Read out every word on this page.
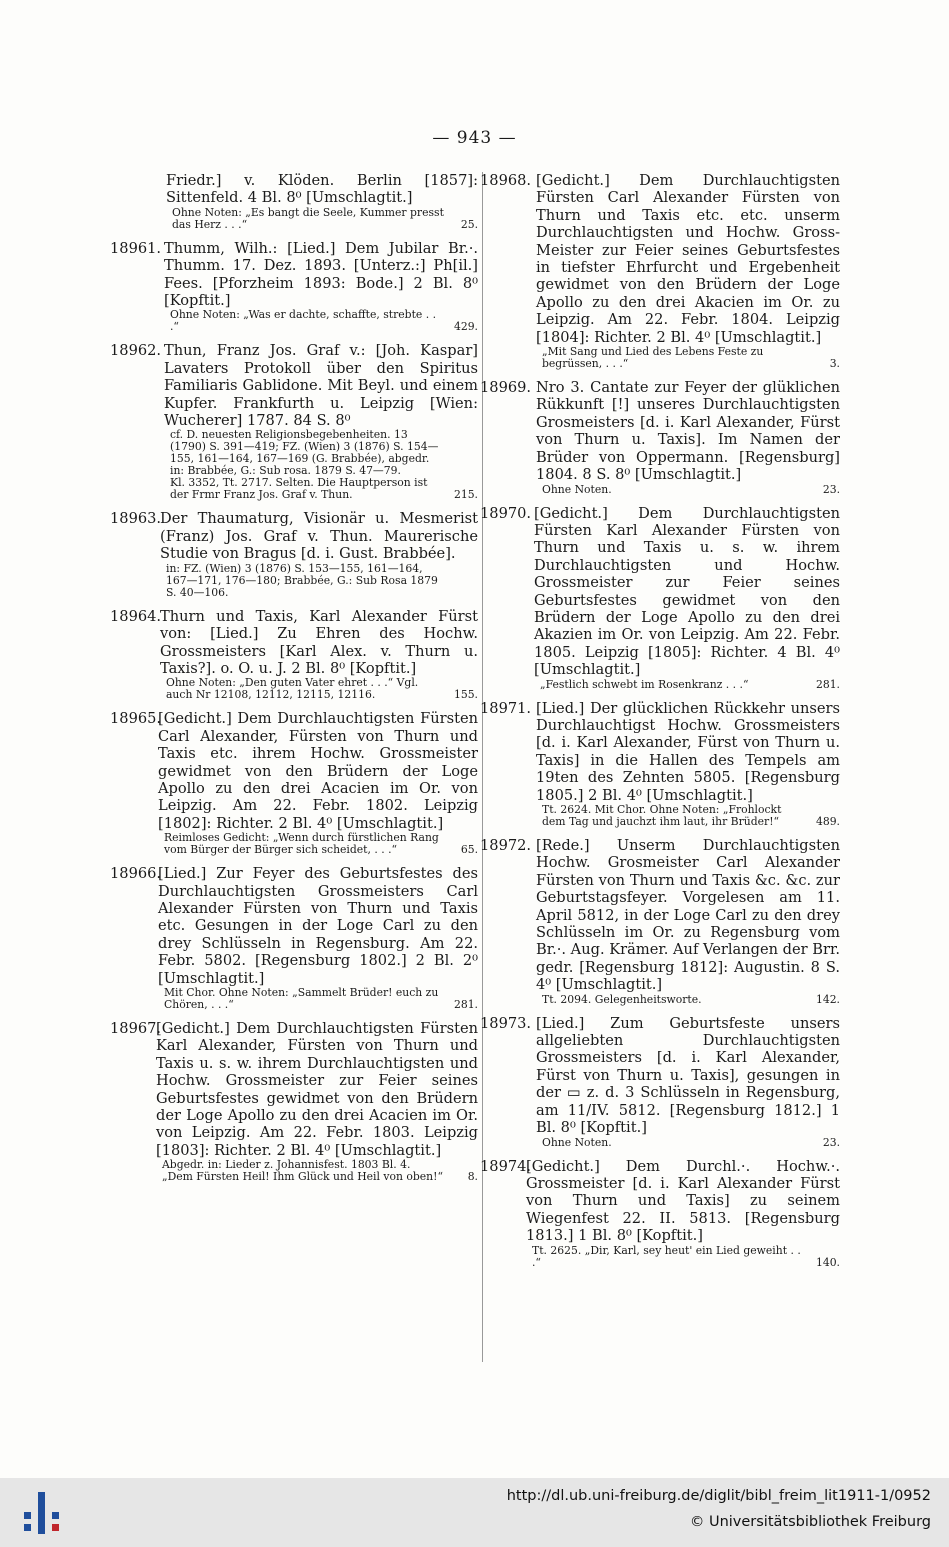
— 943 —
Friedr.] v. Klöden. Berlin [1857]: Sittenfeld. 4 Bl. 8⁰ [Umschlagtit.]
Ohne Noten: „Es bangt die Seele, Kummer presst das Herz . . .“	25.
18961. Thumm, Wilh.: [Lied.] Dem Jubilar Br.·. Thumm. 17. Dez. 1893. [Unterz.:] Ph[il.] Fees. [Pforzheim 1893: Bode.] 2 Bl. 8⁰ [Kopftit.]
Ohne Noten: „Was er dachte, schaffte, strebte . . .“	429.
18962. Thun, Franz Jos. Graf v.: [Joh. Kaspar] Lavaters Protokoll über den Spiritus Familiaris Gablidone. Mit Beyl. und einem Kupfer. Frankfurth u. Leipzig [Wien: Wucherer] 1787. 84 S. 8⁰
cf. D. neuesten Religionsbegebenheiten. 13 (1790) S. 391—419; FZ. (Wien) 3 (1876) S. 154—155, 161—164, 167—169 (G. Brabbée), abgedr. in: Brabbée, G.: Sub rosa. 1879 S. 47—79.
Kl. 3352, Tt. 2717. Selten. Die Hauptperson ist der Frmr Franz Jos. Graf v. Thun.	215.
18963.
Der Thaumaturg, Visionär u. Mesmerist (Franz) Jos. Graf v. Thun. Maurerische Studie von Bragus [d. i. Gust. Brabbée].
in: FZ. (Wien) 3 (1876) S. 153—155, 161—164, 167—171, 176—180; Brabbée, G.: Sub Rosa 1879 S. 40—106.
18964.
Thurn und Taxis, Karl Alexander Fürst von: [Lied.] Zu Ehren des Hochw. Grossmeisters [Karl Alex. v. Thurn u. Taxis?]. o. O. u. J. 2 Bl. 8⁰ [Kopftit.]
Ohne Noten: „Den guten Vater ehret . . .“ Vgl. auch Nr 12108, 12112, 12115, 12116.	155.
18965.
[Gedicht.] Dem Durchlauchtigsten Fürsten Carl Alexander, Fürsten von Thurn und Taxis etc. ihrem Hochw. Grossmeister gewidmet von den Brüdern der Loge Apollo zu den drei Acacien im Or. von Leipzig. Am 22. Febr. 1802. Leipzig [1802]: Richter. 2 Bl. 4⁰ [Umschlagtit.]
Reimloses Gedicht: „Wenn durch fürstlichen Rang vom Bürger der Bürger sich scheidet, . . .“	65.
18966.
[Lied.] Zur Feyer des Geburtsfestes des Durchlauchtigsten Grossmeisters Carl Alexander Fürsten von Thurn und Taxis etc. Gesungen in der Loge Carl zu den drey Schlüsseln in Regensburg. Am 22. Febr. 5802. [Regensburg 1802.] 2 Bl. 2⁰ [Umschlagtit.]
Mit Chor. Ohne Noten: „Sammelt Brüder! euch zu Chören, . . .“	281.
18967.
[Gedicht.] Dem Durchlauchtigsten Fürsten Karl Alexander, Fürsten von Thurn und Taxis u. s. w. ihrem Durchlauchtigsten und Hochw. Grossmeister zur Feier seines Geburtsfestes gewidmet von den Brüdern der Loge Apollo zu den drei Acacien im Or. von Leipzig. Am 22. Febr. 1803. Leipzig [1803]: Richter. 2 Bl. 4⁰ [Umschlagtit.]
Abgedr. in: Lieder z. Johannisfest. 1803 Bl. 4.
„Dem Fürsten Heil! Ihm Glück und Heil von oben!“	8.
18968. [Gedicht.] Dem Durchlauchtigsten Fürsten Carl Alexander Fürsten von Thurn und Taxis etc. etc. unserm Durchlauchtigsten und Hochw. Gross-Meister zur Feier seines Geburtsfestes in tiefster Ehrfurcht und Ergebenheit gewidmet von den Brüdern der Loge Apollo zu den drei Akacien im Or. zu Leipzig. Am 22. Febr. 1804. Leipzig [1804]: Richter. 2 Bl. 4⁰ [Umschlagtit.]
„Mit Sang und Lied des Lebens Feste zu begrüssen, . . .“	3.
18969. Nro 3. Cantate zur Feyer der glüklichen Rükkunft [!] unseres Durchlauchtigsten Grosmeisters [d. i. Karl Alexander, Fürst von Thurn u. Taxis]. Im Namen der Brüder von Oppermann. [Regensburg] 1804. 8 S. 8⁰ [Umschlagtit.]
Ohne Noten.	23.
18970. [Gedicht.] Dem Durchlauchtigsten Fürsten Karl Alexander Fürsten von Thurn und Taxis u. s. w. ihrem Durchlauchtigsten und Hochw. Grossmeister zur Feier seines Geburtsfestes gewidmet von den Brüdern der Loge Apollo zu den drei Akazien im Or. von Leipzig. Am 22. Febr. 1805. Leipzig [1805]: Richter. 4 Bl. 4⁰ [Umschlagtit.]
„Festlich schwebt im Rosenkranz . . .“	281.
18971. [Lied.] Der glücklichen Rückkehr unsers Durchlauchtigst Hochw. Grossmeisters [d. i. Karl Alexander, Fürst von Thurn u. Taxis] in die Hallen des Tempels am 19ten des Zehnten 5805. [Regensburg 1805.] 2 Bl. 4⁰ [Umschlagtit.]
Tt. 2624. Mit Chor. Ohne Noten: „Frohlockt dem Tag und jauchzt ihm laut, ihr Brüder!“	489.
18972. [Rede.] Unserm Durchlauchtigsten Hochw. Grosmeister Carl Alexander Fürsten von Thurn und Taxis &c. &c. zur Geburtstagsfeyer. Vorgelesen am 11. April 5812, in der Loge Carl zu den drey Schlüsseln im Or. zu Regensburg vom Br.·. Aug. Krämer. Auf Verlangen der Brr. gedr. [Regensburg 1812]: Augustin. 8 S. 4⁰ [Umschlagtit.]
Tt. 2094. Gelegenheitsworte.	142.
18973. [Lied.] Zum Geburtsfeste unsers allgeliebten Durchlauchtigsten Grossmeisters [d. i. Karl Alexander, Fürst von Thurn u. Taxis], gesungen in der ▭ z. d. 3 Schlüsseln in Regensburg, am 11/IV. 5812. [Regensburg 1812.] 1 Bl. 8⁰ [Kopftit.]
Ohne Noten.	23.
18974.
[Gedicht.] Dem Durchl.·. Hochw.·. Grossmeister [d. i. Karl Alexander Fürst von Thurn und Taxis] zu seinem Wiegenfest 22. II. 5813. [Regensburg 1813.] 1 Bl. 8⁰ [Kopftit.]
Tt. 2625. „Dir, Karl, sey heut' ein Lied geweiht . . .“	140.
http://dl.ub.uni-freiburg.de/diglit/bibl_freim_lit1911-1/0952
© Universitätsbibliothek Freiburg
